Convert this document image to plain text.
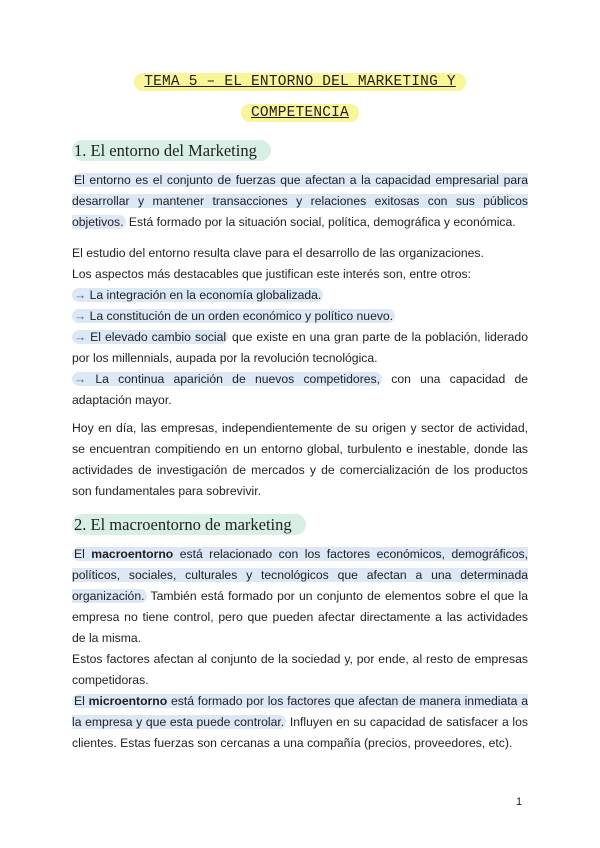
TEMA 5 – EL ENTORNO DEL MARKETING Y
COMPETENCIA
1. El entorno del Marketing

El entorno es el conjunto de fuerzas que afectan a la capacidad empresarial para desarrollar y mantener transacciones y relaciones exitosas con sus públicos objetivos. Está formado por la situación social, política, demográfica y económica.

El estudio del entorno resulta clave para el desarrollo de las organizaciones.

Los aspectos más destacables que justifican este interés son, entre otros:

→ La integración en la economía globalizada.

→ La constitución de un orden económico y político nuevo.

→ El elevado cambio social que existe en una gran parte de la población, liderado por los millennials, aupada por la revolución tecnológica.

→ La continua aparición de nuevos competidores, con una capacidad de adaptación mayor.

Hoy en día, las empresas, independientemente de su origen y sector de actividad, se encuentran compitiendo en un entorno global, turbulento e inestable, donde las actividades de investigación de mercados y de comercialización de los productos son fundamentales para sobrevivir.

2. El macroentorno de marketing

El macroentorno está relacionado con los factores económicos, demográficos, políticos, sociales, culturales y tecnológicos que afectan a una determinada organización. También está formado por un conjunto de elementos sobre el que la empresa no tiene control, pero que pueden afectar directamente a las actividades de la misma.

Estos factores afectan al conjunto de la sociedad y, por ende, al resto de empresas competidoras.

El microentorno está formado por los factores que afectan de manera inmediata a la empresa y que esta puede controlar. Influyen en su capacidad de satisfacer a los clientes. Estas fuerzas son cercanas a una compañía (precios, proveedores, etc).

1
